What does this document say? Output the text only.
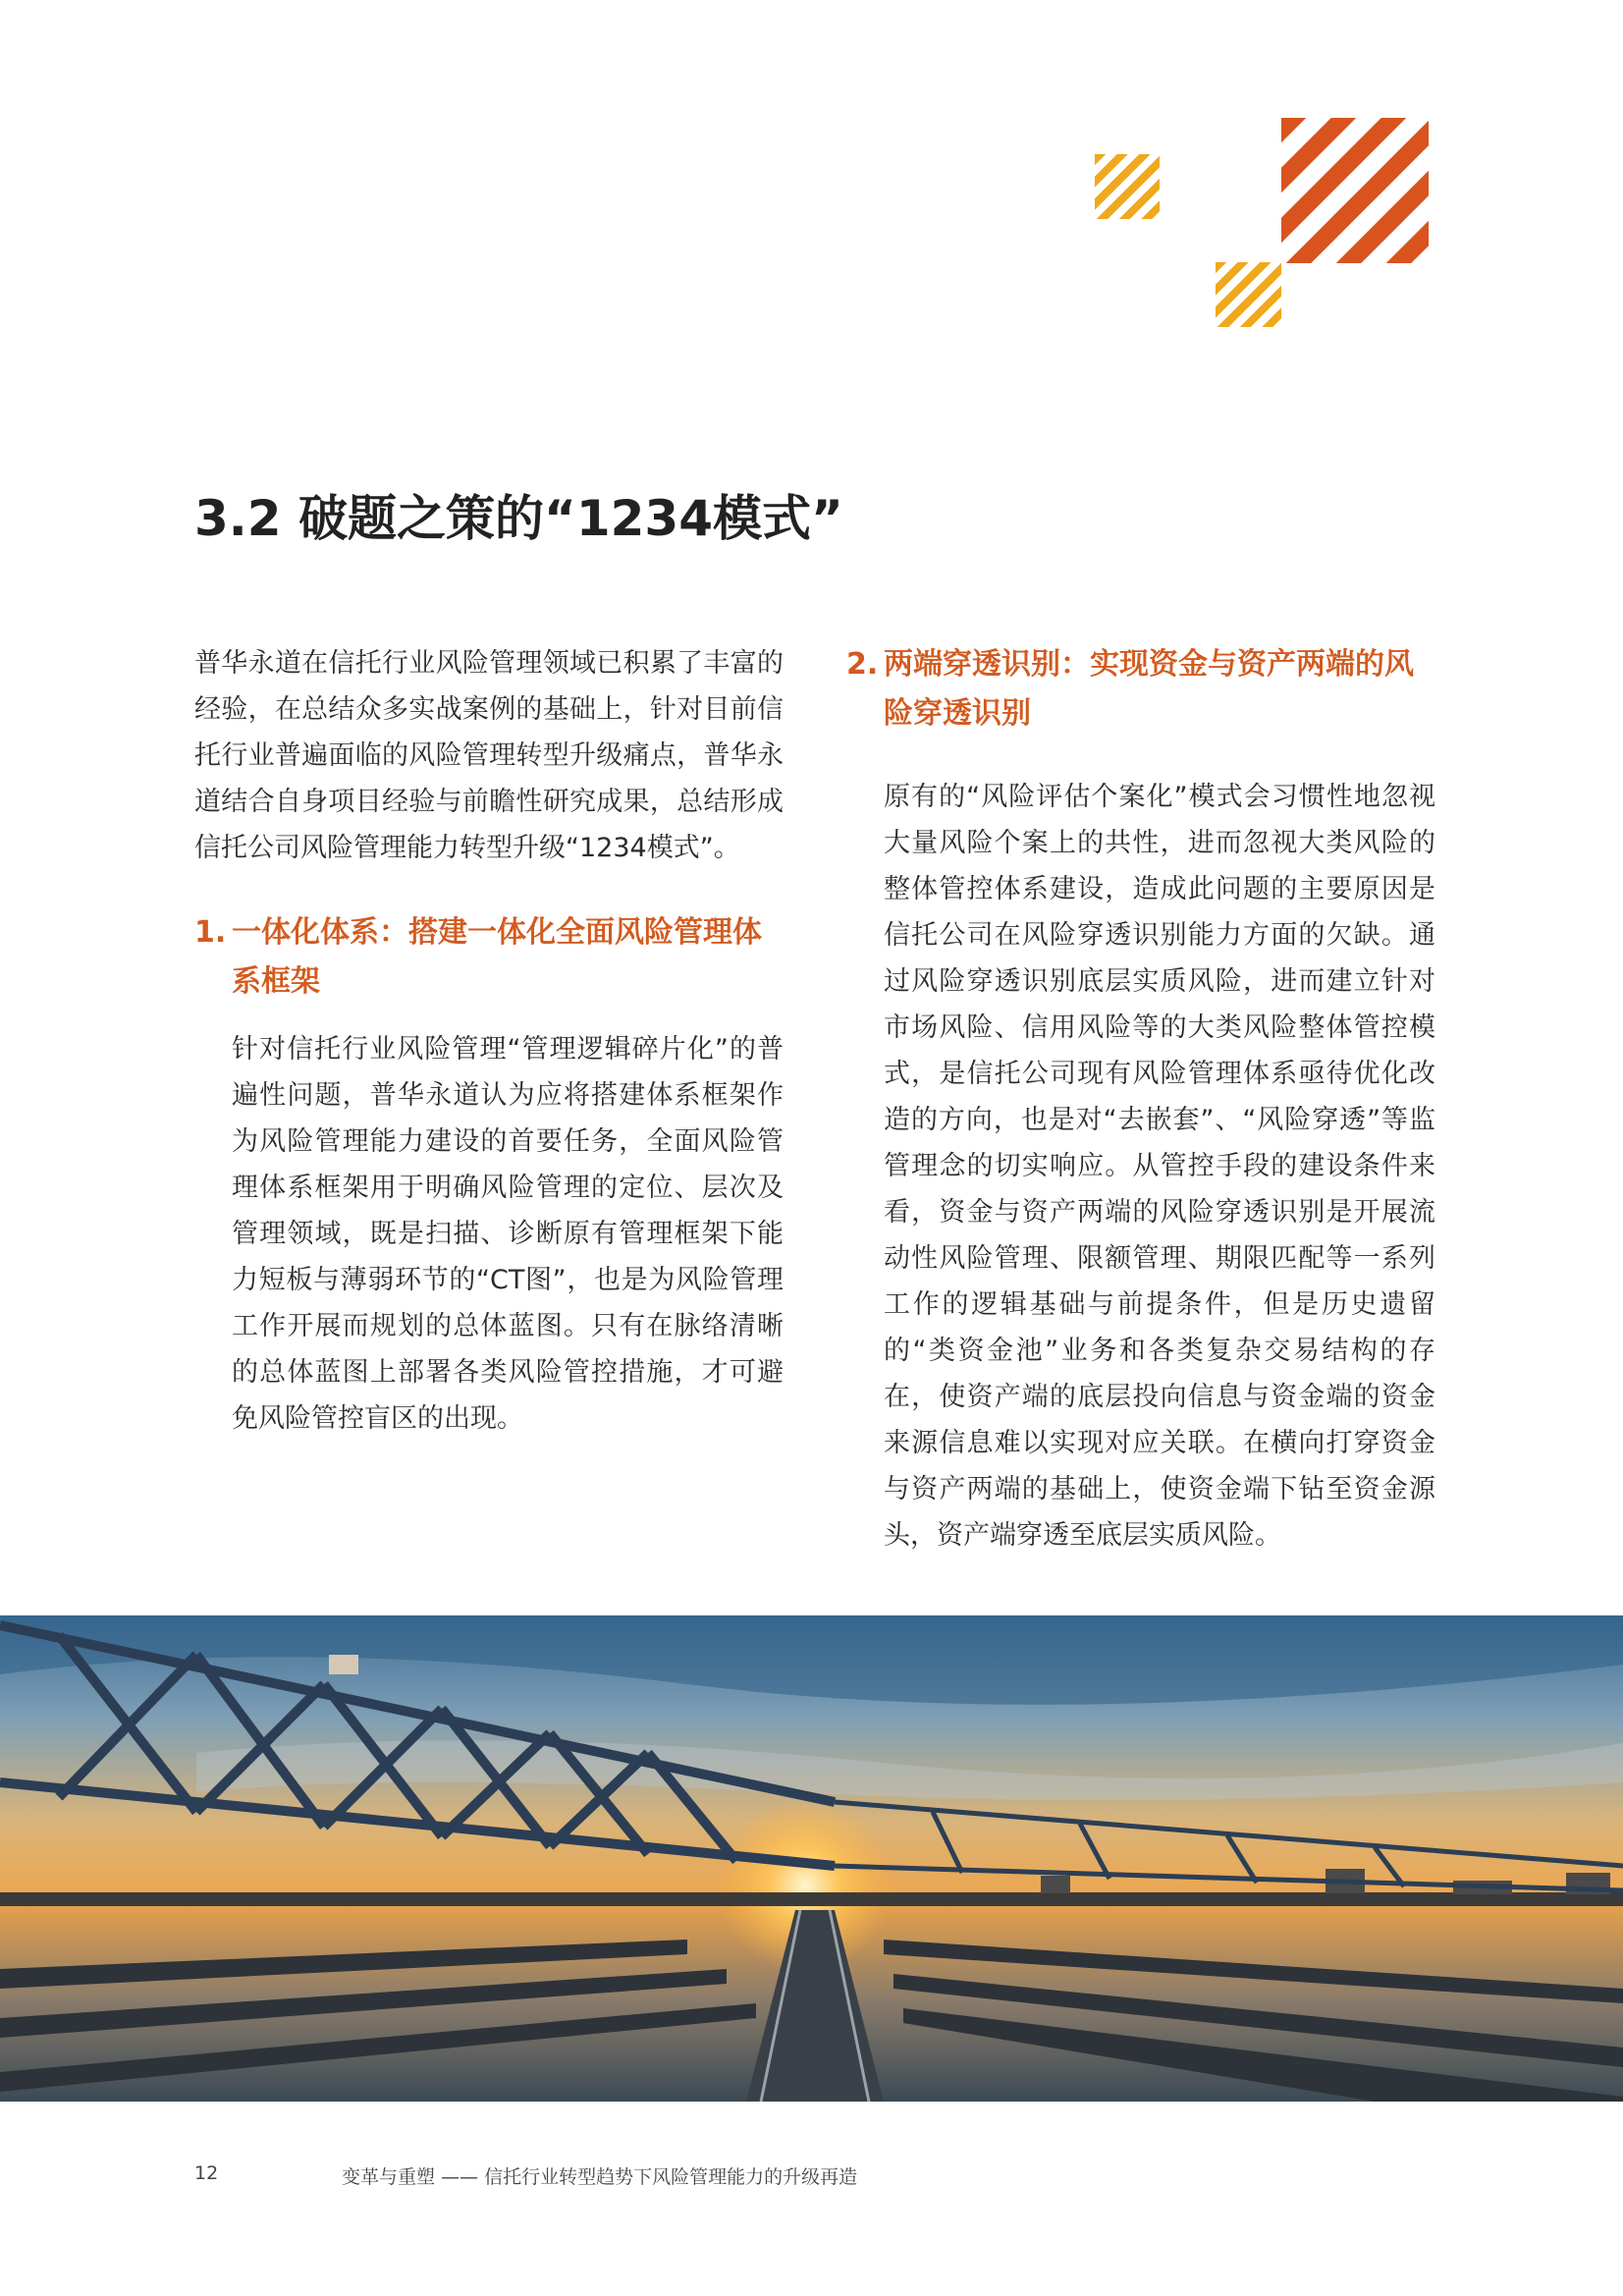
3.2 破题之策的“1234模式”

普华永道在信托行业风险管理领域已积累了丰富的经验，在总结众多实战案例的基础上，针对目前信托行业普遍面临的风险管理转型升级痛点，普华永道结合自身项目经验与前瞻性研究成果，总结形成信托公司风险管理能力转型升级“1234模式”。

1. 一体化体系：搭建一体化全面风险管理体系框架

针对信托行业风险管理“管理逻辑碎片化”的普遍性问题，普华永道认为应将搭建体系框架作为风险管理能力建设的首要任务，全面风险管理体系框架用于明确风险管理的定位、层次及管理领域，既是扫描、诊断原有管理框架下能力短板与薄弱环节的“CT图”，也是为风险管理工作开展而规划的总体蓝图。只有在脉络清晰的总体蓝图上部署各类风险管控措施，才可避免风险管控盲区的出现。

2. 两端穿透识别：实现资金与资产两端的风险穿透识别

原有的“风险评估个案化”模式会习惯性地忽视大量风险个案上的共性，进而忽视大类风险的整体管控体系建设，造成此问题的主要原因是信托公司在风险穿透识别能力方面的欠缺。通过风险穿透识别底层实质风险，进而建立针对市场风险、信用风险等的大类风险整体管控模式，是信托公司现有风险管理体系亟待优化改造的方向，也是对“去嵌套”、“风险穿透”等监管理念的切实响应。从管控手段的建设条件来看，资金与资产两端的风险穿透识别是开展流动性风险管理、限额管理、期限匹配等一系列工作的逻辑基础与前提条件，但是历史遗留的“类资金池”业务和各类复杂交易结构的存在，使资产端的底层投向信息与资金端的资金来源信息难以实现对应关联。在横向打穿资金与资产两端的基础上，使资金端下钻至资金源头，资产端穿透至底层实质风险。

12	变革与重塑 —— 信托行业转型趋势下风险管理能力的升级再造
